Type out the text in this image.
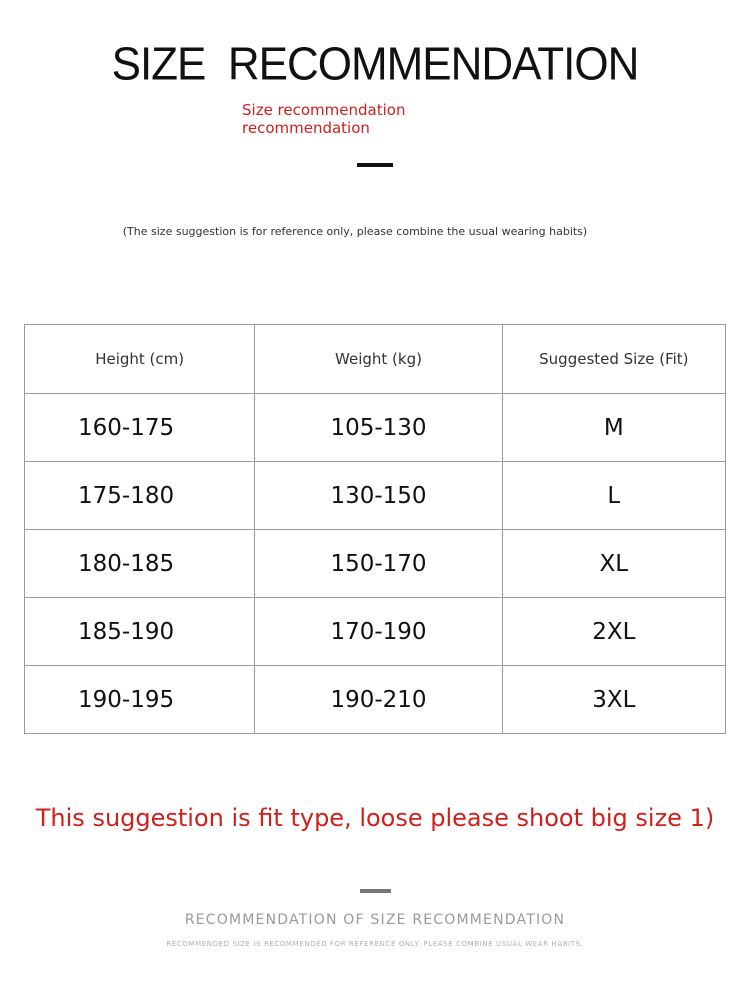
SIZE  RECOMMENDATION
Size recommendation
recommendation
(The size suggestion is for reference only, please combine the usual wearing habits)
Height (cm)	Weight (kg)	Suggested Size (Fit)
160-175	105-130	M
175-180	130-150	L
180-185	150-170	XL
185-190	170-190	2XL
190-195	190-210	3XL
This suggestion is fit type, loose please shoot big size 1)
RECOMMENDATION OF SIZE RECOMMENDATION
RECOMMENDED SIZE IS RECOMMENDED FOR REFERENCE ONLY. PLEASE COMBINE USUAL WEAR HABITS.
